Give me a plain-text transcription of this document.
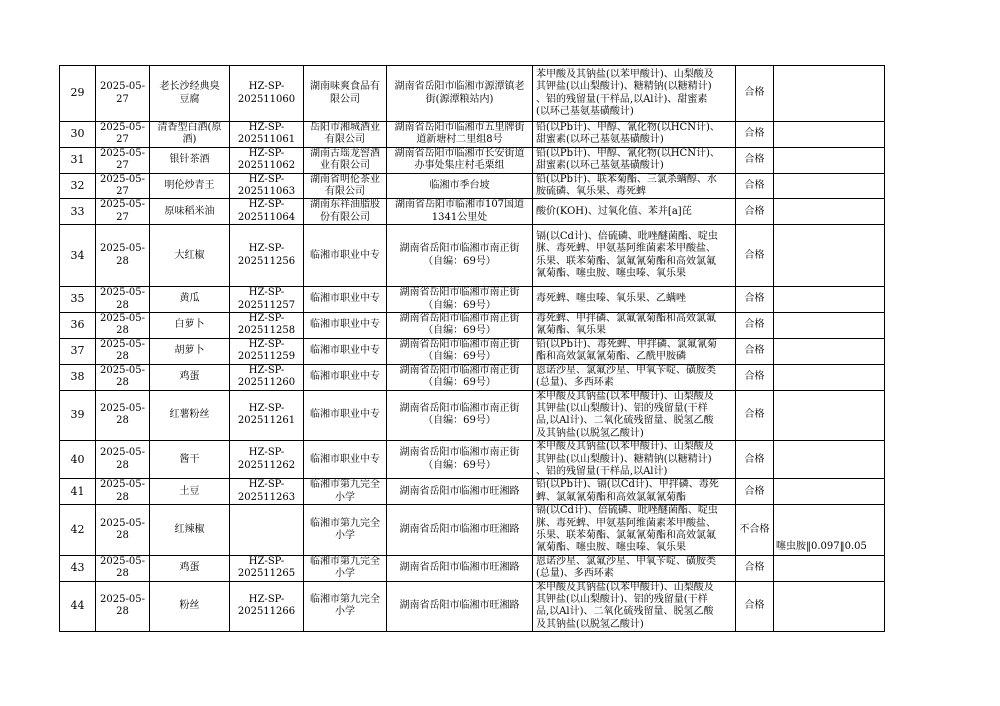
29	2025-05-
27	老长沙经典臭
豆腐	HZ-SP-
202511060	湖南味爽食品有
限公司	湖南省岳阳市临湘市源潭镇老
街(源潭粮站内)	苯甲酸及其钠盐(以苯甲酸计)、山梨酸及
其钾盐(以山梨酸计)、糖精钠(以糖精计)
、铝的残留量(干样品,以Al计)、甜蜜素
(以环己基氨基磺酸计)	合格	
30	2025-05-
27	清香型白酒(原
酒)	HZ-SP-
202511061	岳阳市湘城酒业
有限公司	湖南省岳阳市临湘市五里牌街
道新塘村二里组8号	铅(以Pb计)、甲醇、氰化物(以HCN计)、
甜蜜素(以环己基氨基磺酸计)	合格	
31	2025-05-
27	银针茶酒	HZ-SP-
202511062	湖南古瑶龙窖酒
业有限公司	湖南省岳阳市临湘市长安街道
办事处集庄村毛栗组	铅(以Pb计)、甲醇、氰化物(以HCN计)、
甜蜜素(以环己基氨基磺酸计)	合格	
32	2025-05-
27	明伦炒青王	HZ-SP-
202511063	湖南省明伦茶业
有限公司	临湘市季台坡	铅(以Pb计)、联苯菊酯、三氯杀螨醇、水
胺硫磷、氧乐果、毒死蜱	合格	
33	2025-05-
27	原味稻米油	HZ-SP-
202511064	湖南东祥油脂股
份有限公司	湖南省岳阳市临湘市107国道
1341公里处	酸价(KOH)、过氧化值、苯并[a]芘	合格	
34	2025-05-
28	大红椒	HZ-SP-
202511256	临湘市职业中专	湖南省岳阳市临湘市南正街
（自编：69号）	镉(以Cd计)、倍硫磷、吡唑醚菌酯、啶虫
脒、毒死蜱、甲氨基阿维菌素苯甲酸盐、
乐果、联苯菊酯、氯氟氰菊酯和高效氯氟
氰菊酯、噻虫胺、噻虫嗪、氧乐果	合格	
35	2025-05-
28	黄瓜	HZ-SP-
202511257	临湘市职业中专	湖南省岳阳市临湘市南正街
（自编：69号）	毒死蜱、噻虫嗪、氧乐果、乙螨唑	合格	
36	2025-05-
28	白萝卜	HZ-SP-
202511258	临湘市职业中专	湖南省岳阳市临湘市南正街
（自编：69号）	毒死蜱、甲拌磷、氯氟氰菊酯和高效氯氟
氰菊酯、氧乐果	合格	
37	2025-05-
28	胡萝卜	HZ-SP-
202511259	临湘市职业中专	湖南省岳阳市临湘市南正街
（自编：69号）	铅(以Pb计)、毒死蜱、甲拌磷、氯氟氰菊
酯和高效氯氟氰菊酯、乙酰甲胺磷	合格	
38	2025-05-
28	鸡蛋	HZ-SP-
202511260	临湘市职业中专	湖南省岳阳市临湘市南正街
（自编：69号）	恩诺沙星、氯氟沙星、甲氧苄啶、磺胺类
(总量)、多西环素	合格	
39	2025-05-
28	红薯粉丝	HZ-SP-
202511261	临湘市职业中专	湖南省岳阳市临湘市南正街
（自编：69号）	苯甲酸及其钠盐(以苯甲酸计)、山梨酸及
其钾盐(以山梨酸计)、铝的残留量(干样
品,以Al计)、二氧化硫残留量、脱氢乙酸
及其钠盐(以脱氢乙酸计)	合格	
40	2025-05-
28	酱干	HZ-SP-
202511262	临湘市职业中专	湖南省岳阳市临湘市南正街
（自编：69号）	苯甲酸及其钠盐(以苯甲酸计)、山梨酸及
其钾盐(以山梨酸计)、糖精钠(以糖精计)
、铝的残留量(干样品,以Al计)	合格	
41	2025-05-
28	土豆	HZ-SP-
202511263	临湘市第九完全
小学	湖南省岳阳市临湘市旺湘路	铅(以Pb计)、镉(以Cd计)、甲拌磷、毒死
蜱、氯氟氰菊酯和高效氯氟氰菊酯	合格	
42	2025-05-
28	红辣椒		临湘市第九完全
小学	湖南省岳阳市临湘市旺湘路	镉(以Cd计)、倍硫磷、吡唑醚菌酯、啶虫
脒、毒死蜱、甲氨基阿维菌素苯甲酸盐、
乐果、联苯菊酯、氯氟氰菊酯和高效氯氟
氰菊酯、噻虫胺、噻虫嗪、氧乐果	不合格	噻虫胺‖0.097‖0.05
43	2025-05-
28	鸡蛋	HZ-SP-
202511265	临湘市第九完全
小学	湖南省岳阳市临湘市旺湘路	恩诺沙星、氯氟沙星、甲氧苄啶、磺胺类
(总量)、多西环素	合格	
44	2025-05-
28	粉丝	HZ-SP-
202511266	临湘市第九完全
小学	湖南省岳阳市临湘市旺湘路	苯甲酸及其钠盐(以苯甲酸计)、山梨酸及
其钾盐(以山梨酸计)、铝的残留量(干样
品,以Al计)、二氧化硫残留量、脱氢乙酸
及其钠盐(以脱氢乙酸计)	合格	
